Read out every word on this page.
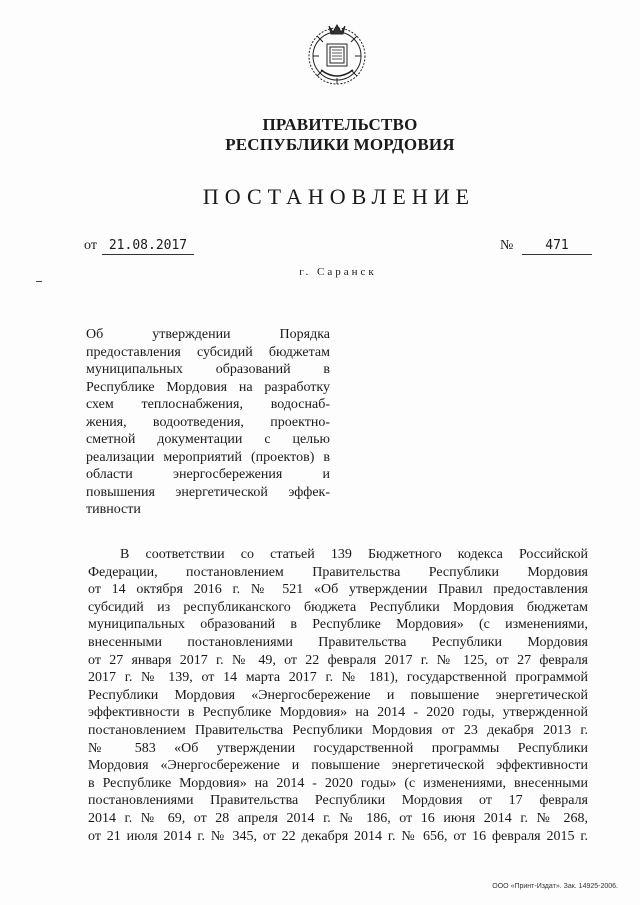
ПРАВИТЕЛЬСТВО
РЕСПУБЛИКИ МОРДОВИЯ
ПОСТАНОВЛЕНИЕ
от 21.08.2017	№	471
г. Саранск
Об утверждении Порядка
предоставления субсидий бюджетам
муниципальных образований в
Республике Мордовия на разработку
схем теплоснабжения, водоснаб-
жения, водоотведения, проектно-
сметной документации с целью
реализации мероприятий (проектов) в
области энергосбережения и
повышения энергетической эффек-
тивности
В соответствии со статьей 139 Бюджетного кодекса Российской
Федерации, постановлением Правительства Республики Мордовия
от 14 октября 2016 г. № 521 «Об утверждении Правил предоставления
субсидий из республиканского бюджета Республики Мордовия бюджетам
муниципальных образований в Республике Мордовия» (с изменениями,
внесенными постановлениями Правительства Республики Мордовия
от 27 января 2017 г. № 49, от 22 февраля 2017 г. № 125, от 27 февраля
2017 г. № 139, от 14 марта 2017 г. № 181), государственной программой
Республики Мордовия «Энергосбережение и повышение энергетической
эффективности в Республике Мордовия» на 2014 - 2020 годы, утвержденной
постановлением Правительства Республики Мордовия от 23 декабря 2013 г.
№ 583 «Об утверждении государственной программы Республики
Мордовия «Энергосбережение и повышение энергетической эффективности
в Республике Мордовия» на 2014 - 2020 годы» (с изменениями, внесенными
постановлениями Правительства Республики Мордовия от 17 февраля
2014 г. № 69, от 28 апреля 2014 г. № 186, от 16 июня 2014 г. № 268,
от 21 июля 2014 г. № 345, от 22 декабря 2014 г. № 656, от 16 февраля 2015 г.
ООО «Принт-Издат». Зак. 14925-2006.
